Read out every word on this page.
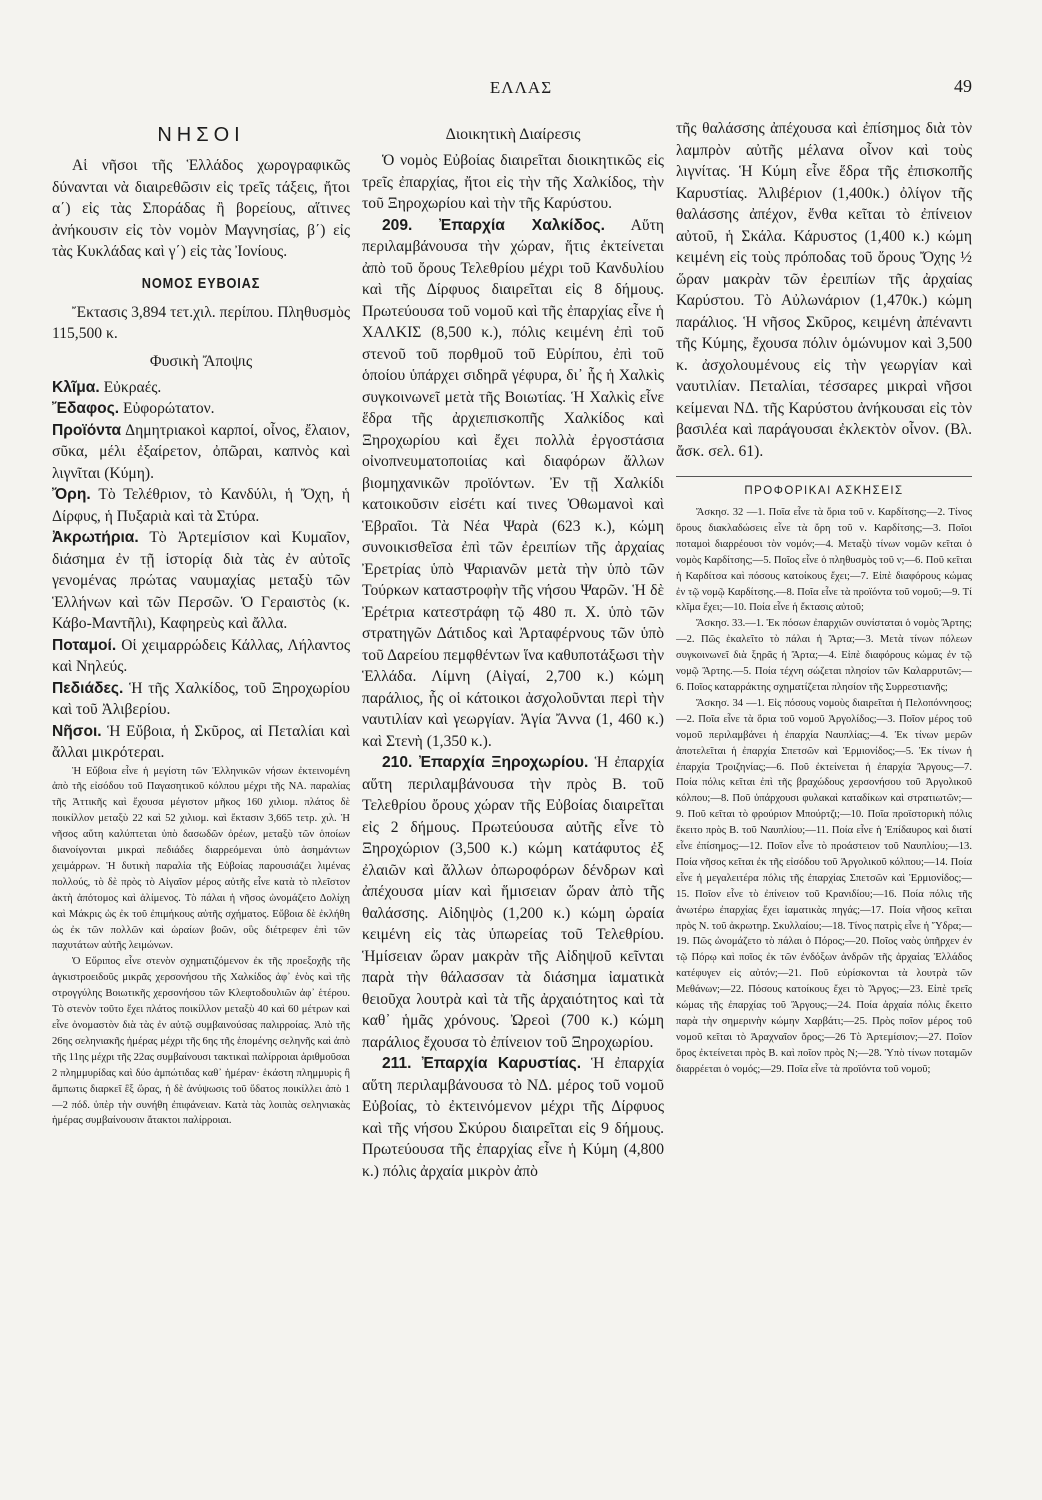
ΕΛΛΑΣ	49
ΝΗΣΟΙ

Αἱ νῆσοι τῆς Ἑλλάδος χωρογραφικῶς δύνανται νὰ διαιρεθῶσιν εἰς τρεῖς τάξεις, ἤτοι α΄) εἰς τὰς Σποράδας ἢ βορείους, αἵτινες ἀνήκουσιν εἰς τὸν νομὸν Μαγνησίας, β΄) εἰς τὰς Κυκλάδας καὶ γ΄) εἰς τὰς Ἰονίους.

ΝΟΜΟΣ ΕΥΒΟΙΑΣ

Ἔκτασις 3,894 τετ.χιλ. περίπου. Πληθυσμὸς 115,500 κ.

Φυσικὴ Ἄποψις

Κλῖμα. Εὐκραές.

Ἔδαφος. Εὐφορώτατον.

Προϊόντα Δημητριακοὶ καρποί, οἶνος, ἔλαιον, σῦκα, μέλι ἐξαίρετον, ὀπῶραι, καπνὸς καὶ λιγνῖται (Κύμη).

Ὄρη. Τὸ Τελέθριον, τὸ Κανδύλι, ἡ Ὄχη, ἡ Δίρφυς, ἡ Πυξαριὰ καὶ τὰ Στύρα.

Ἀκρωτήρια. Τὸ Ἀρτεμίσιον καὶ Κυμαῖον, διάσημα ἐν τῇ ἱστορίᾳ διὰ τὰς ἐν αὐτοῖς γενομένας πρώτας ναυμαχίας μεταξὺ τῶν Ἑλλήνων καὶ τῶν Περσῶν. Ὁ Γεραιστὸς (κ. Κάβο-Μαντῆλι), Καφηρεὺς καὶ ἄλλα.

Ποταμοί. Οἱ χειμαρρώδεις Κάλλας, Λήλαντος καὶ Νηλεύς.

Πεδιάδες. Ἡ τῆς Χαλκίδος, τοῦ Ξηροχωρίου καὶ τοῦ Ἀλιβερίου.

Νῆσοι. Ἡ Εὔβοια, ἡ Σκῦρος, αἱ Πεταλίαι καὶ ἄλλαι μικρότεραι.

Ἡ Εὔβοια εἶνε ἡ μεγίστη τῶν Ἑλληνικῶν νήσων ἐκτεινομένη ἀπὸ τῆς εἰσόδου τοῦ Παγασητικοῦ κόλπου μέχρι τῆς ΝΑ. παραλίας τῆς Ἀττικῆς καὶ ἔχουσα μέγιστον μῆκος 160 χιλιομ. πλάτος δὲ ποικίλλον μεταξὺ 22 καὶ 52 χιλιομ. καὶ ἔκτασιν 3,665 τετρ. χιλ. Ἡ νῆσος αὕτη καλύπτεται ὑπὸ δασωδῶν ὀρέων, μεταξὺ τῶν ὁποίων διανοίγονται μικραὶ πεδιάδες διαρρεόμεναι ὑπὸ ἀσημάντων χειμάρρων. Ἡ δυτικὴ παραλία τῆς Εὐβοίας παρουσιάζει λιμένας πολλούς, τὸ δὲ πρὸς τὸ Αἰγαῖον μέρος αὐτῆς εἶνε κατὰ τὸ πλεῖστον ἀκτὴ ἀπότομος καὶ ἀλίμενος. Τὸ πάλαι ἡ νῆσος ὠνομάζετο Δολίχη καὶ Μάκρις ὡς ἐκ τοῦ ἐπιμήκους αὐτῆς σχήματος. Εὔβοια δὲ ἐκλήθη ὡς ἐκ τῶν πολλῶν καὶ ὡραίων βοῶν, οὓς διέτρεφεν ἐπὶ τῶν παχυτάτων αὐτῆς λειμώνων.

Ὁ Εὔριπος εἶνε στενὸν σχηματιζόμενον ἐκ τῆς προεξοχῆς τῆς ἀγκιστροειδοῦς μικρᾶς χερσονήσου τῆς Χαλκίδος ἀφ᾽ ἑνὸς καὶ τῆς στρογγύλης Βοιωτικῆς χερσονήσου τῶν Κλεφτοδουλιῶν ἀφ᾽ ἑτέρου. Τὸ στενὸν τοῦτο ἔχει πλάτος ποικίλλον μεταξὺ 40 καὶ 60 μέτρων καὶ εἶνε ὀνομαστὸν διὰ τὰς ἐν αὐτῷ συμβαινούσας παλιρροίας. Ἀπὸ τῆς 26ης σεληνιακῆς ἡμέρας μέχρι τῆς 6ης τῆς ἑπομένης σεληνῆς καὶ ἀπὸ τῆς 11ης μέχρι τῆς 22ας συμβαίνουσι τακτικαὶ παλίρροιαι ἀριθμοῦσαι 2 πλημμυρίδας καὶ δύο ἀμπώτιδας καθ᾽ ἡμέραν· ἑκάστη πλημμυρὶς ἢ ἄμπωτις διαρκεῖ ἓξ ὥρας, ἡ δὲ ἀνύψωσις τοῦ ὕδατος ποικίλλει ἀπὸ 1—2 πόδ. ὑπὲρ τὴν συνήθη ἐπιφάνειαν. Κατὰ τὰς λοιπὰς σεληνιακὰς ἡμέρας συμβαίνουσιν ἄτακτοι παλίρροιαι.

Διοικητικὴ Διαίρεσις

Ὁ νομὸς Εὐβοίας διαιρεῖται διοικητικῶς εἰς τρεῖς ἐπαρχίας, ἤτοι εἰς τὴν τῆς Χαλκίδος, τὴν τοῦ Ξηροχωρίου καὶ τὴν τῆς Καρύστου.

209. Ἐπαρχία Χαλκίδος. Αὕτη περιλαμβάνουσα τὴν χώραν, ἥτις ἐκτείνεται ἀπὸ τοῦ ὄρους Τελεθρίου μέχρι τοῦ Κανδυλίου καὶ τῆς Δίρφυος διαιρεῖται εἰς 8 δήμους. Πρωτεύουσα τοῦ νομοῦ καὶ τῆς ἐπαρχίας εἶνε ἡ ΧΑΛΚΙΣ (8,500 κ.), πόλις κειμένη ἐπὶ τοῦ στενοῦ τοῦ πορθμοῦ τοῦ Εὐρίπου, ἐπὶ τοῦ ὁποίου ὑπάρχει σιδηρᾶ γέφυρα, δι᾽ ἧς ἡ Χαλκὶς συγκοινωνεῖ μετὰ τῆς Βοιωτίας. Ἡ Χαλκὶς εἶνε ἕδρα τῆς ἀρχιεπισκοπῆς Χαλκίδος καὶ Ξηροχωρίου καὶ ἔχει πολλὰ ἐργοστάσια οἰνοπνευματοποιίας καὶ διαφόρων ἄλλων βιομηχανικῶν προϊόντων. Ἐν τῇ Χαλκίδι κατοικοῦσιν εἰσέτι καί τινες Ὀθωμανοὶ καὶ Ἑβραῖοι. Τὰ Νέα Ψαρὰ (623 κ.), κώμη συνοικισθεῖσα ἐπὶ τῶν ἐρειπίων τῆς ἀρχαίας Ἐρετρίας ὑπὸ Ψαριανῶν μετὰ τὴν ὑπὸ τῶν Τούρκων καταστροφὴν τῆς νήσου Ψαρῶν. Ἡ δὲ Ἐρέτρια κατεστράφη τῷ 480 π. Χ. ὑπὸ τῶν στρατηγῶν Δάτιδος καὶ Ἀρταφέρνους τῶν ὑπὸ τοῦ Δαρείου πεμφθέντων ἵνα καθυποτάξωσι τὴν Ἑλλάδα. Λίμνη (Αἰγαί, 2,700 κ.) κώμη παράλιος, ἧς οἱ κάτοικοι ἀσχολοῦνται περὶ τὴν ναυτιλίαν καὶ γεωργίαν. Ἁγία Ἄννα (1, 460 κ.) καὶ Στενὴ (1,350 κ.).

210. Ἐπαρχία Ξηροχωρίου. Ἡ ἐπαρχία αὕτη περιλαμβάνουσα τὴν πρὸς Β. τοῦ Τελεθρίου ὄρους χώραν τῆς Εὐβοίας διαιρεῖται εἰς 2 δήμους. Πρωτεύουσα αὐτῆς εἶνε τὸ Ξηροχώριον (3,500 κ.) κώμη κατάφυτος ἐξ ἐλαιῶν καὶ ἄλλων ὀπωροφόρων δένδρων καὶ ἀπέχουσα μίαν καὶ ἥμισειαν ὥραν ἀπὸ τῆς θαλάσσης. Αἰδηψὸς (1,200 κ.) κώμη ὡραία κειμένη εἰς τὰς ὑπωρείας τοῦ Τελεθρίου. Ἡμίσειαν ὥραν μακρὰν τῆς Αἰδηψοῦ κεῖνται παρὰ τὴν θάλασσαν τὰ διάσημα ἰαματικὰ θειοῦχα λουτρὰ καὶ τὰ τῆς ἀρχαιότητος καὶ τὰ καθ᾽ ἡμᾶς χρόνους. Ὠρεοὶ (700 κ.) κώμη παράλιος ἔχουσα τὸ ἐπίνειον τοῦ Ξηροχωρίου.

211. Ἐπαρχία Καρυστίας. Ἡ ἐπαρχία αὕτη περιλαμβάνουσα τὸ ΝΔ. μέρος τοῦ νομοῦ Εὐβοίας, τὸ ἐκτεινόμενον μέχρι τῆς Δίρφυος καὶ τῆς νήσου Σκύρου διαιρεῖται εἰς 9 δήμους. Πρωτεύουσα τῆς ἐπαρχίας εἶνε ἡ Κύμη (4,800 κ.) πόλις ἀρχαία μικρὸν ἀπὸ

τῆς θαλάσσης ἀπέχουσα καὶ ἐπίσημος διὰ τὸν λαμπρὸν αὐτῆς μέλανα οἶνον καὶ τοὺς λιγνίτας. Ἡ Κύμη εἶνε ἕδρα τῆς ἐπισκοπῆς Καρυστίας. Ἀλιβέριον (1,400κ.) ὀλίγον τῆς θαλάσσης ἀπέχον, ἔνθα κεῖται τὸ ἐπίνειον αὐτοῦ, ἡ Σκάλα. Κάρυστος (1,400 κ.) κώμη κειμένη εἰς τοὺς πρόποδας τοῦ ὄρους Ὄχης ½ ὥραν μακρὰν τῶν ἐρειπίων τῆς ἀρχαίας Καρύστου. Τὸ Αὐλωνάριον (1,470κ.) κώμη παράλιος. Ἡ νῆσος Σκῦρος, κειμένη ἀπέναντι τῆς Κύμης, ἔχουσα πόλιν ὁμώνυμον καὶ 3,500 κ. ἀσχολουμένους εἰς τὴν γεωργίαν καὶ ναυτιλίαν. Πεταλίαι, τέσσαρες μικραὶ νῆσοι κείμεναι ΝΔ. τῆς Καρύστου ἀνήκουσαι εἰς τὸν βασιλέα καὶ παράγουσαι ἐκλεκτὸν οἶνον. (Βλ. ἄσκ. σελ. 61).

ΠΡΟΦΟΡΙΚΑΙ ΑΣΚΗΣΕΙΣ

Ἄσκησ. 32 —1. Ποῖα εἶνε τὰ ὅρια τοῦ ν. Καρδίτσης;—2. Τίνος ὄρους διακλαδώσεις εἶνε τὰ ὄρη τοῦ ν. Καρδίτσης;—3. Ποῖοι ποταμοὶ διαρρέουσι τὸν νομόν;—4. Μεταξὺ τίνων νομῶν κεῖται ὁ νομὸς Καρδίτσης;—5. Ποῖος εἶνε ὁ πληθυσμὸς τοῦ ν;—6. Ποῦ κεῖται ἡ Καρδίτσα καὶ πόσους κατοίκους ἔχει;—7. Εἰπὲ διαφόρους κώμας ἐν τῷ νομῷ Καρδίτσης.—8. Ποῖα εἶνε τὰ προϊόντα τοῦ νομοῦ;—9. Τί κλῖμα ἔχει;—10. Ποία εἶνε ἡ ἔκτασις αὐτοῦ;

Ἄσκησ. 33.—1. Ἐκ πόσων ἐπαρχιῶν συνίσταται ὁ νομὸς Ἄρτης;—2. Πῶς ἐκαλεῖτο τὸ πάλαι ἡ Ἄρτα;—3. Μετὰ τίνων πόλεων συγκοινωνεῖ διὰ ξηρᾶς ἡ Ἄρτα;—4. Εἰπὲ διαφόρους κώμας ἐν τῷ νομῷ Ἄρτης.—5. Ποία τέχνη σώζεται πλησίον τῶν Καλαρρυτῶν;—6. Ποῖος καταρράκτης σχηματίζεται πλησίον τῆς Συρρεστιανῆς;

Ἄσκησ. 34 —1. Εἰς πόσους νομοὺς διαιρεῖται ἡ Πελοπόννησος;—2. Ποῖα εἶνε τὰ ὅρια τοῦ νομοῦ Ἀργολίδος;—3. Ποῖον μέρος τοῦ νομοῦ περιλαμβάνει ἡ ἐπαρχία Ναυπλίας;—4. Ἐκ τίνων μερῶν ἀποτελεῖται ἡ ἐπαρχία Σπετσῶν καὶ Ἑρμιονίδος;—5. Ἐκ τίνων ἡ ἐπαρχία Τροιζηνίας;—6. Ποῦ ἐκτείνεται ἡ ἐπαρχία Ἄργους;—7. Ποία πόλις κεῖται ἐπὶ τῆς βραχώδους χερσονήσου τοῦ Ἀργολικοῦ κόλπου;—8. Ποῦ ὑπάρχουσι φυλακαὶ καταδίκων καὶ στρατιωτῶν;—9. Ποῦ κεῖται τὸ φρούριον Μπούρτζι;—10. Ποῖα προϊστορικὴ πόλις ἔκειτο πρὸς Β. τοῦ Ναυπλίου;—11. Ποία εἶνε ἡ Ἐπίδαυρος καὶ διατί εἶνε ἐπίσημος;—12. Ποῖον εἶνε τὸ προάστειον τοῦ Ναυπλίου;—13. Ποία νῆσος κεῖται ἐκ τῆς εἰσόδου τοῦ Ἀργολικοῦ κόλπου;—14. Ποία εἶνε ἡ μεγαλειτέρα πόλις τῆς ἐπαρχίας Σπετσῶν καὶ Ἑρμιονίδος;—15. Ποῖον εἶνε τὸ ἐπίνειον τοῦ Κρανιδίου;—16. Ποία πόλις τῆς ἀνωτέρω ἐπαρχίας ἔχει ἰαματικὰς πηγάς;—17. Ποία νῆσος κεῖται πρὸς Ν. τοῦ ἀκρωτηρ. Σκυλλαίου;—18. Τίνος πατρὶς εἶνε ἡ Ὕδρα;—19. Πῶς ὠνομάζετο τὸ πάλαι ὁ Πόρος;—20. Ποῖος ναὸς ὑπῆρχεν ἐν τῷ Πόρῳ καὶ ποῖος ἐκ τῶν ἐνδόξων ἀνδρῶν τῆς ἀρχαίας Ἑλλάδος κατέφυγεν εἰς αὐτόν;—21. Ποῦ εὑρίσκονται τὰ λουτρὰ τῶν Μεθάνων;—22. Πόσους κατοίκους ἔχει τὸ Ἄργος;—23. Εἰπὲ τρεῖς κώμας τῆς ἐπαρχίας τοῦ Ἄργους;—24. Ποία ἀρχαία πόλις ἔκειτο παρὰ τὴν σημερινὴν κώμην Χαρβάτι;—25. Πρὸς ποῖον μέρος τοῦ νομοῦ κεῖται τὸ Ἀραχναῖον ὄρος;—26 Τὸ Ἀρτεμίσιον;—27. Ποῖον ὄρος ἐκτείνεται πρὸς Β. καὶ ποῖον πρὸς Ν;—28. Ὑπὸ τίνων ποταμῶν διαρρέεται ὁ νομός;—29. Ποῖα εἶνε τὰ προϊόντα τοῦ νομοῦ;
